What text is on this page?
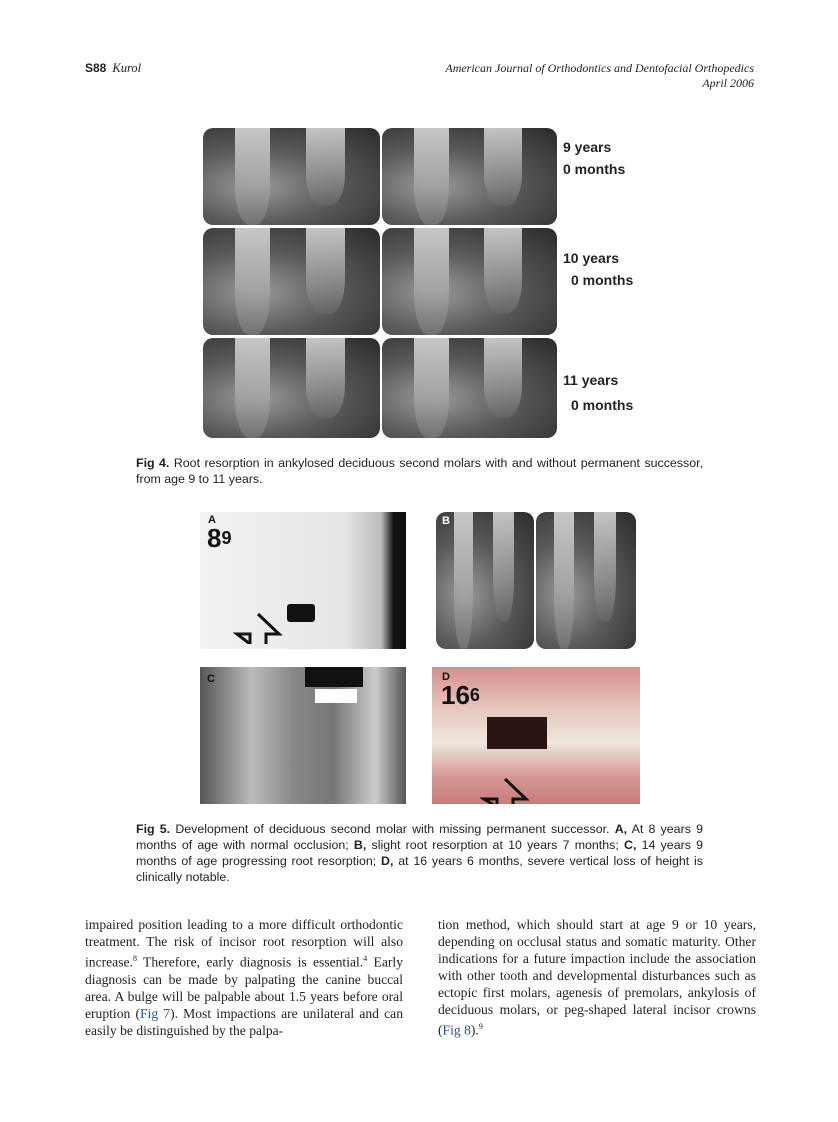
S88 Kurol	American Journal of Orthodontics and Dentofacial Orthopedics
April 2006
9 years
0 months
10 years
0 months
11 years
0 months
Fig 4. Root resorption in ankylosed deciduous second molars with and without permanent successor, from age 9 to 11 years.
A
$8^9$
B
C	D
$16^6$
Fig 5. Development of deciduous second molar with missing permanent successor. A, At 8 years 9 months of age with normal occlusion; B, slight root resorption at 10 years 7 months; C, 14 years 9 months of age progressing root resorption; D, at 16 years 6 months, severe vertical loss of height is clinically notable.
impaired position leading to a more difficult orthodontic treatment. The risk of incisor root resorption will also increase.$^8$ Therefore, early diagnosis is essential.$^4$ Early diagnosis can be made by palpating the canine buccal area. A bulge will be palpable about 1.5 years before oral eruption (Fig 7). Most impactions are unilateral and can easily be distinguished by the palpa-
tion method, which should start at age 9 or 10 years, depending on occlusal status and somatic maturity. Other indications for a future impaction include the association with other tooth and developmental disturbances such as ectopic first molars, agenesis of premolars, ankylosis of deciduous molars, or peg-shaped lateral incisor crowns (Fig 8).$^9$
